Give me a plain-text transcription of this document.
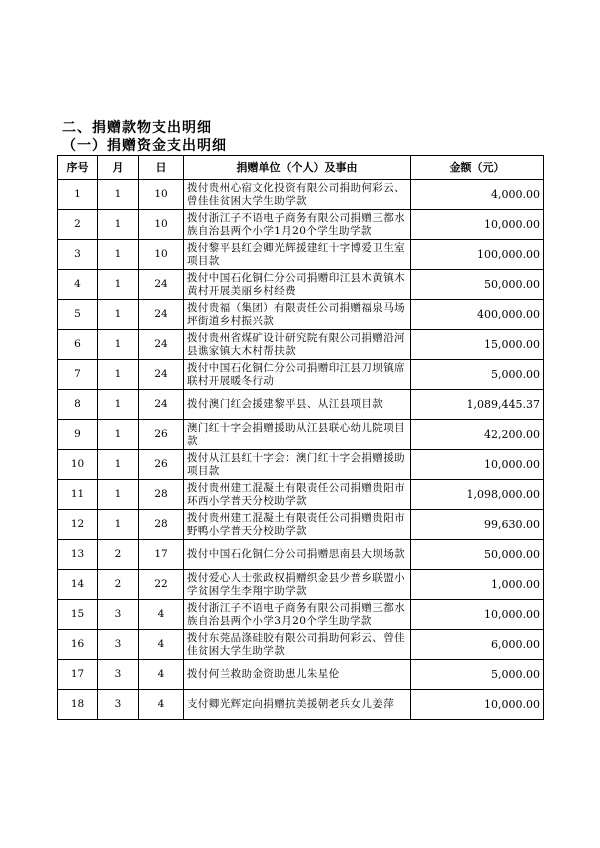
二、捐赠款物支出明细
（一）捐赠资金支出明细
序号	月	日	捐赠单位（个人）及事由	金额（元）
1	1	10	拨付贵州心宿文化投资有限公司捐助何彩云、曾佳佳贫困大学生助学款	4,000.00
2	1	10	拨付浙江子不语电子商务有限公司捐赠三都水族自治县两个小学1月20个学生助学款	10,000.00
3	1	10	拨付黎平县红会卿光辉援建红十字博爱卫生室项目款	100,000.00
4	1	24	拨付中国石化铜仁分公司捐赠印江县木黄镇木黄村开展美丽乡村经费	50,000.00
5	1	24	拨付贵福（集团）有限责任公司捐赠福泉马场坪街道乡村振兴款	400,000.00
6	1	24	拨付贵州省煤矿设计研究院有限公司捐赠沿河县谯家镇大木村帮扶款	15,000.00
7	1	24	拨付中国石化铜仁分公司捐赠印江县刀坝镇席联村开展暖冬行动	5,000.00
8	1	24	拨付澳门红会援建黎平县、从江县项目款	1,089,445.37
9	1	26	澳门红十字会捐赠援助从江县联心幼儿院项目款	42,200.00
10	1	26	拨付从江县红十字会：澳门红十字会捐赠援助项目款	10,000.00
11	1	28	拨付贵州建工混凝土有限责任公司捐赠贵阳市环西小学普天分校助学款	1,098,000.00
12	1	28	拨付贵州建工混凝土有限责任公司捐赠贵阳市野鸭小学普天分校助学款	99,630.00
13	2	17	拨付中国石化铜仁分公司捐赠思南县大坝场款	50,000.00
14	2	22	拨付爱心人士张政权捐赠织金县少普乡联盟小学贫困学生李翔宇助学款	1,000.00
15	3	4	拨付浙江子不语电子商务有限公司捐赠三都水族自治县两个小学3月20个学生助学款	10,000.00
16	3	4	拨付东莞品涤硅胶有限公司捐助何彩云、曾佳佳贫困大学生助学款	6,000.00
17	3	4	拨付何兰救助金资助患儿朱星伦	5,000.00
18	3	4	支付卿光辉定向捐赠抗美援朝老兵女儿姜萍	10,000.00
